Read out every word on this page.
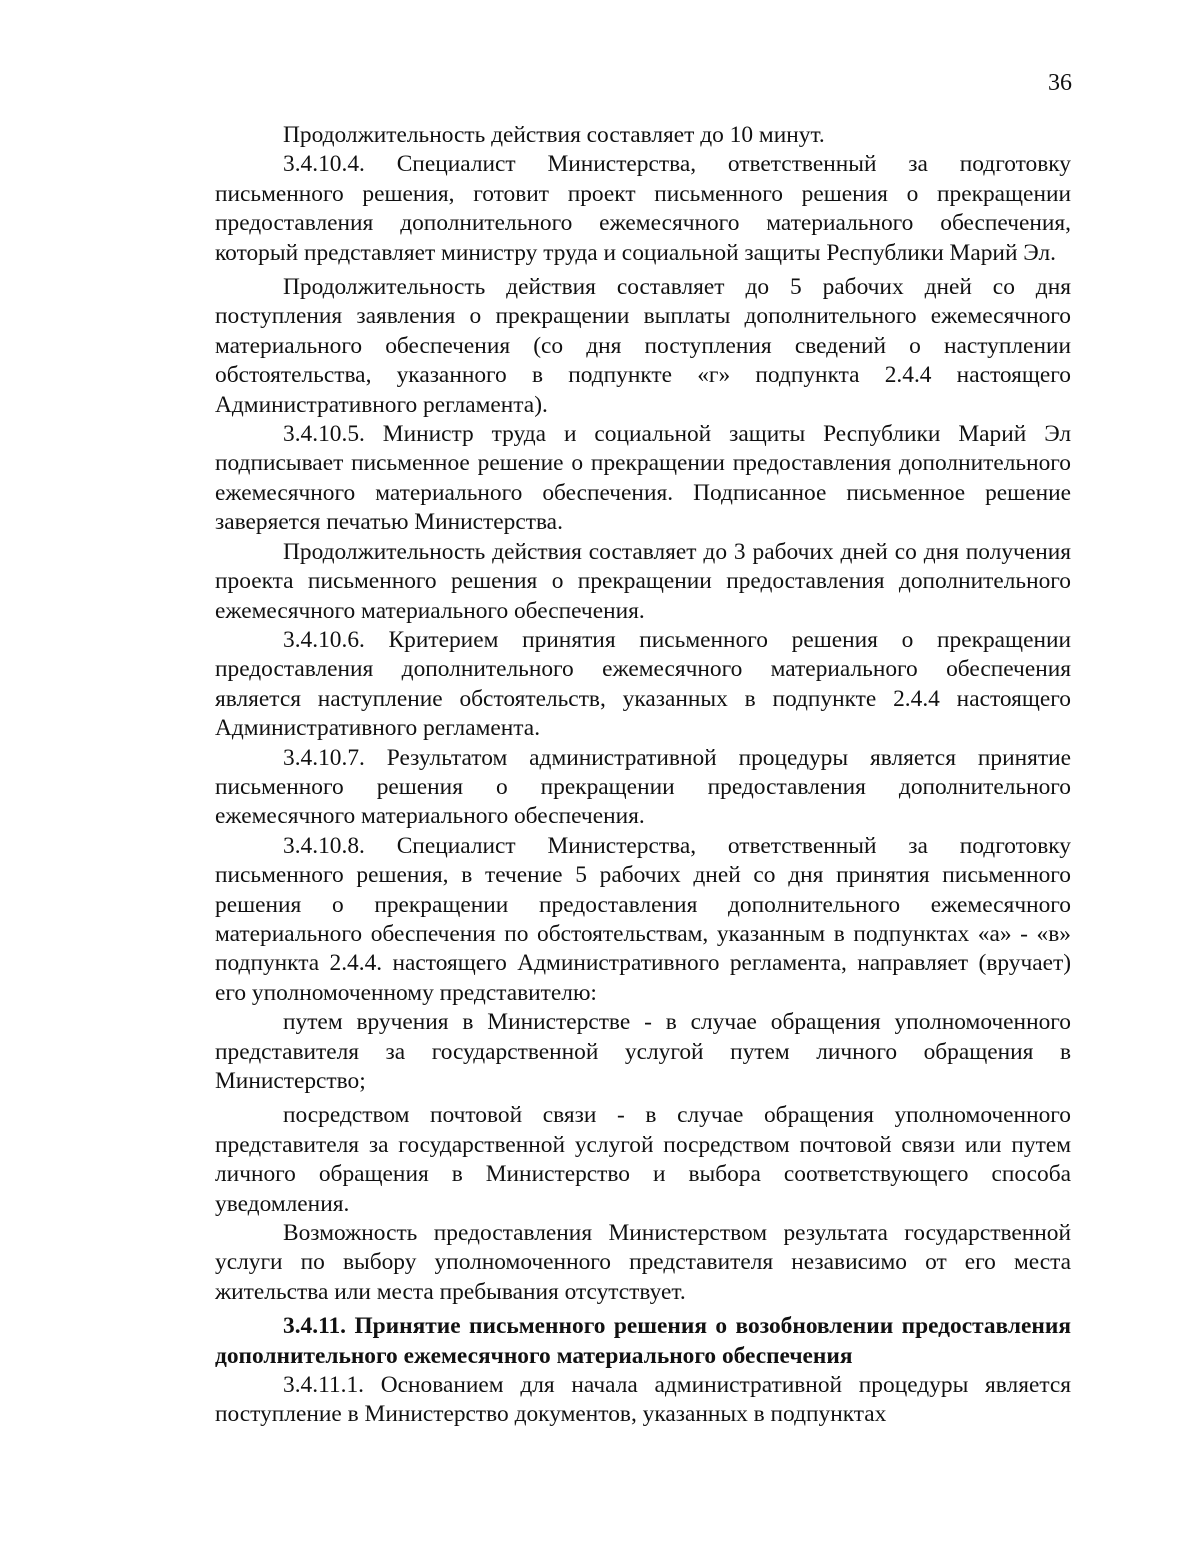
36

Продолжительность действия составляет до 10 минут.

3.4.10.4. Специалист Министерства, ответственный за подготовку письменного решения, готовит проект письменного решения о прекращении предоставления дополнительного ежемесячного материального обеспечения, который представляет министру труда и социальной защиты Республики Марий Эл.

Продолжительность действия составляет до 5 рабочих дней со дня поступления заявления о прекращении выплаты дополнительного ежемесячного материального обеспечения (со дня поступления сведений о наступлении обстоятельства, указанного в подпункте «г» подпункта 2.4.4 настоящего Административного регламента).

3.4.10.5. Министр труда и социальной защиты Республики Марий Эл подписывает письменное решение о прекращении предоставления дополнительного ежемесячного материального обеспечения. Подписанное письменное решение заверяется печатью Министерства.

Продолжительность действия составляет до 3 рабочих дней со дня получения проекта письменного решения о прекращении предоставления дополнительного ежемесячного материального обеспечения.

3.4.10.6. Критерием принятия письменного решения о прекращении предоставления дополнительного ежемесячного материального обеспечения является наступление обстоятельств, указанных в подпункте 2.4.4 настоящего Административного регламента.

3.4.10.7. Результатом административной процедуры является принятие письменного решения о прекращении предоставления дополнительного ежемесячного материального обеспечения.

3.4.10.8. Специалист Министерства, ответственный за подготовку письменного решения, в течение 5 рабочих дней со дня принятия письменного решения о прекращении предоставления дополнительного ежемесячного материального обеспечения по обстоятельствам, указанным в подпунктах «а» - «в» подпункта 2.4.4. настоящего Административного регламента, направляет (вручает) его уполномоченному представителю:

путем вручения в Министерстве - в случае обращения уполномоченного представителя за государственной услугой путем личного обращения в Министерство;

посредством почтовой связи - в случае обращения уполномоченного представителя за государственной услугой посредством почтовой связи или путем личного обращения в Министерство и выбора соответствующего способа уведомления.

Возможность предоставления Министерством результата государственной услуги по выбору уполномоченного представителя независимо от его места жительства или места пребывания отсутствует.

3.4.11. Принятие письменного решения о возобновлении предоставления дополнительного ежемесячного материального обеспечения

3.4.11.1. Основанием для начала административной процедуры является поступление в Министерство документов, указанных в подпунктах
